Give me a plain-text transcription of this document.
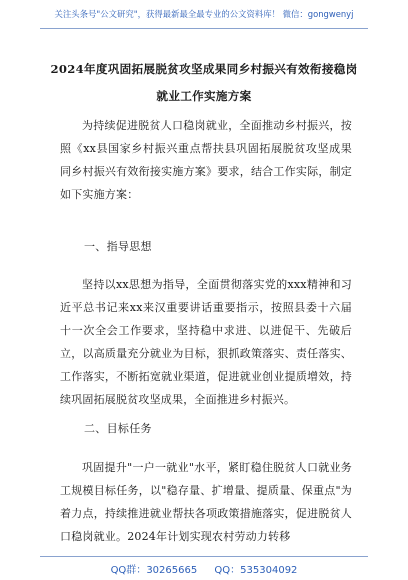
关注头条号"公文研究"，获得最新最全最专业的公文资料库！ 微信：gongwenyj
2024年度巩固拓展脱贫攻坚成果同乡村振兴有效衔接稳岗
就业工作实施方案

为持续促进脱贫人口稳岗就业，全面推动乡村振兴，按照《xx县国家乡村振兴重点帮扶县巩固拓展脱贫攻坚成果同乡村振兴有效衔接实施方案》要求，结合工作实际，制定如下实施方案：

一、指导思想

坚持以xx思想为指导，全面贯彻落实党的xxx精神和习近平总书记来xx来汉重要讲话重要指示，按照县委十六届十一次全会工作要求，坚持稳中求进、以进促干、先破后立，以高质量充分就业为目标，狠抓政策落实、责任落实、工作落实，不断拓宽就业渠道，促进就业创业提质增效，持续巩固拓展脱贫攻坚成果，全面推进乡村振兴。

二、目标任务

巩固提升"一户一就业"水平，紧盯稳住脱贫人口就业务工规模目标任务，以"稳存量、扩增量、提质量、保重点"为着力点，持续推进就业帮扶各项政策措施落实，促进脱贫人口稳岗就业。2024年计划实现农村劳动力转移

QQ群：30265665 QQ：535304092
